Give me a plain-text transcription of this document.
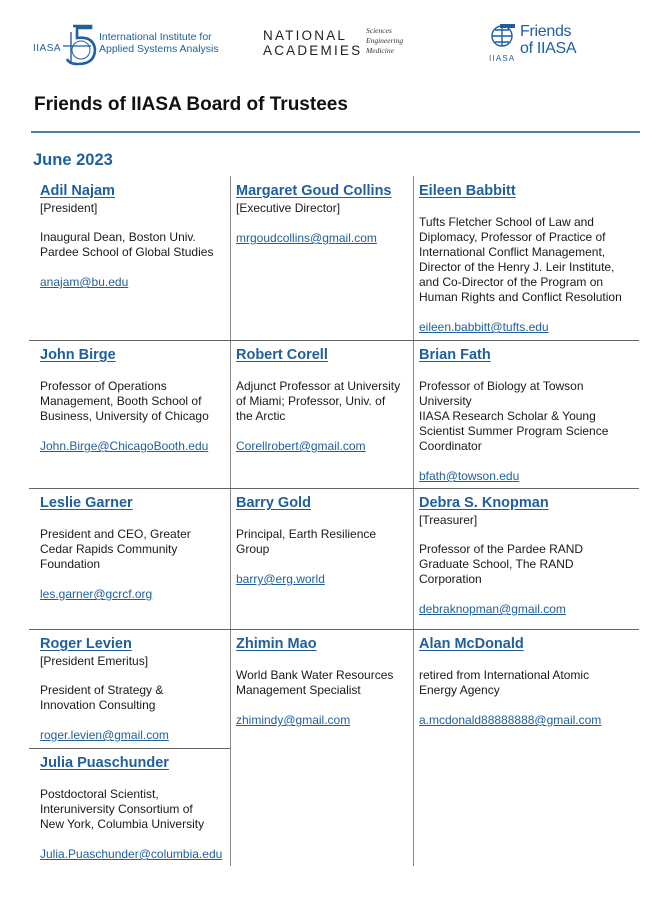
IIASA
International Institute for
Applied Systems Analysis
NATIONAL
ACADEMIES
Sciences
Engineering
Medicine
Friends
of IIASA
IIASA
Friends of IIASA Board of Trustees
June 2023
Adil Najam
[President]
Inaugural Dean, Boston Univ.
Pardee School of Global Studies
anajam@bu.edu
Margaret Goud Collins
[Executive Director]
mrgoudcollins@gmail.com
Eileen Babbitt
Tufts Fletcher School of Law and
Diplomacy, Professor of Practice of
International Conflict Management,
Director of the Henry J. Leir Institute,
and Co-Director of the Program on
Human Rights and Conflict Resolution
eileen.babbitt@tufts.edu
John Birge
Professor of Operations
Management, Booth School of
Business, University of Chicago
John.Birge@ChicagoBooth.edu
Robert Corell
Adjunct Professor at University
of Miami; Professor, Univ. of
the Arctic
Corellrobert@gmail.com
Brian Fath
Professor of Biology at Towson
University
IIASA Research Scholar & Young
Scientist Summer Program Science
Coordinator
bfath@towson.edu
Leslie Garner
President and CEO, Greater
Cedar Rapids Community
Foundation
les.garner@gcrcf.org
Barry Gold
Principal, Earth Resilience
Group
barry@erg.world
Debra S. Knopman
[Treasurer]
Professor of the Pardee RAND
Graduate School, The RAND
Corporation
debraknopman@gmail.com
Roger Levien
[President Emeritus]
President of Strategy &
Innovation Consulting
roger.levien@gmail.com
Zhimin Mao
World Bank Water Resources
Management Specialist
zhimindy@gmail.com
Alan McDonald
retired from International Atomic
Energy Agency
a.mcdonald88888888@gmail.com
Julia Puaschunder
Postdoctoral Scientist,
Interuniversity Consortium of
New York, Columbia University
Julia.Puaschunder@columbia.edu
